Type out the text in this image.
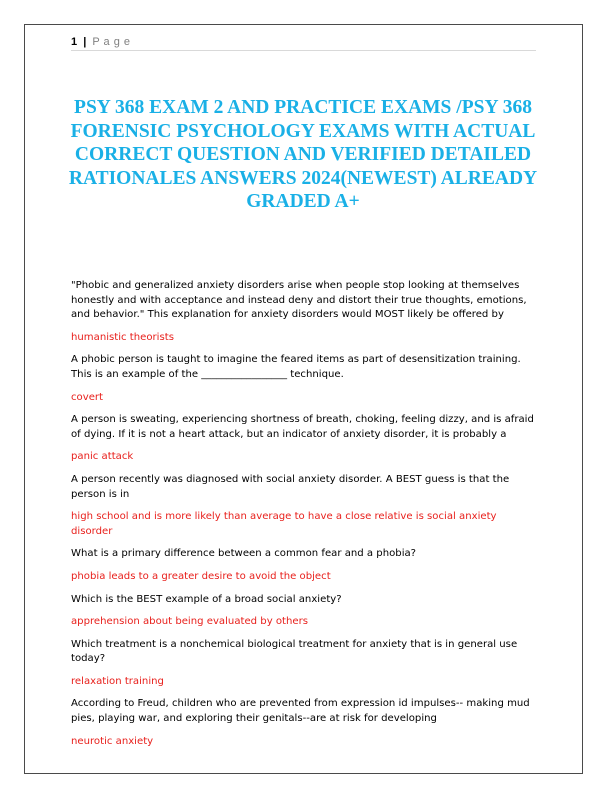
1 | P a g e
PSY 368 EXAM 2 AND PRACTICE EXAMS /PSY 368 FORENSIC PSYCHOLOGY EXAMS WITH ACTUAL CORRECT QUESTION AND VERIFIED DETAILED RATIONALES ANSWERS 2024(NEWEST) ALREADY GRADED A+

"Phobic and generalized anxiety disorders arise when people stop looking at themselves honestly and with acceptance and instead deny and distort their true thoughts, emotions, and behavior." This explanation for anxiety disorders would MOST likely be offered by

humanistic theorists

A phobic person is taught to imagine the feared items as part of desensitization training. This is an example of the _________________ technique.

covert

A person is sweating, experiencing shortness of breath, choking, feeling dizzy, and is afraid of dying. If it is not a heart attack, but an indicator of anxiety disorder, it is probably a

panic attack

A person recently was diagnosed with social anxiety disorder. A BEST guess is that the person is in

high school and is more likely than average to have a close relative is social anxiety disorder

What is a primary difference between a common fear and a phobia?

phobia leads to a greater desire to avoid the object

Which is the BEST example of a broad social anxiety?

apprehension about being evaluated by others

Which treatment is a nonchemical biological treatment for anxiety that is in general use today?

relaxation training

According to Freud, children who are prevented from expression id impulses-- making mud pies, playing war, and exploring their genitals--are at risk for developing

neurotic anxiety
